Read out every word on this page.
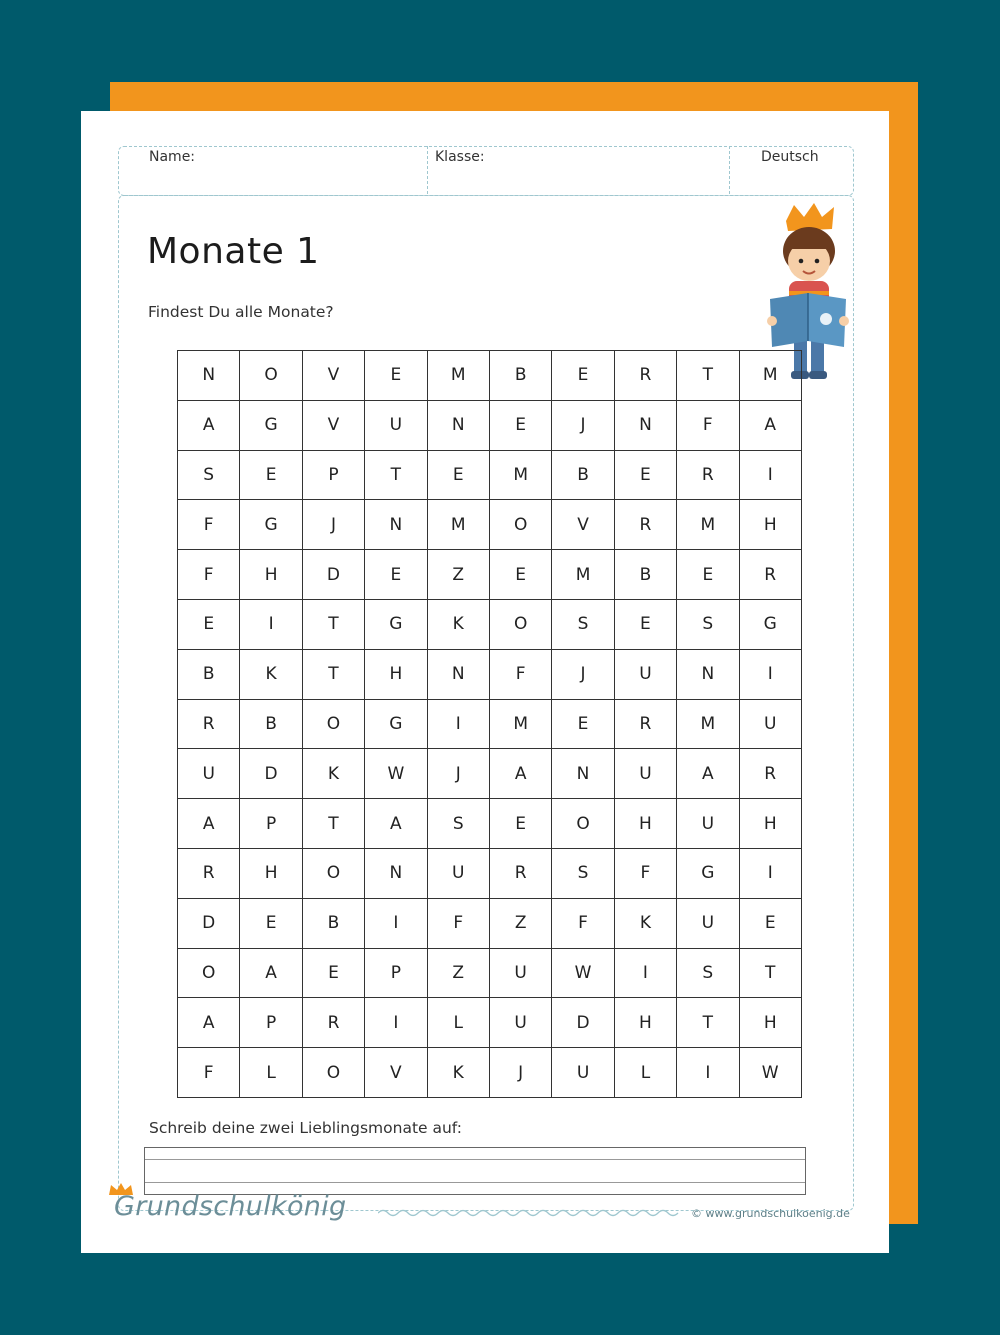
Name:	Klasse:	Deutsch
Monate 1
Findest Du alle Monate?
N	O	V	E	M	B	E	R	T	M
A	G	V	U	N	E	J	N	F	A
S	E	P	T	E	M	B	E	R	I
F	G	J	N	M	O	V	R	M	H
F	H	D	E	Z	E	M	B	E	R
E	I	T	G	K	O	S	E	S	G
B	K	T	H	N	F	J	U	N	I
R	B	O	G	I	M	E	R	M	U
U	D	K	W	J	A	N	U	A	R
A	P	T	A	S	E	O	H	U	H
R	H	O	N	U	R	S	F	G	I
D	E	B	I	F	Z	F	K	U	E
O	A	E	P	Z	U	W	I	S	T
A	P	R	I	L	U	D	H	T	H
F	L	O	V	K	J	U	L	I	W
Schreib deine zwei Lieblingsmonate auf:
Grundschulkönig	© www.grundschulkoenig.de
